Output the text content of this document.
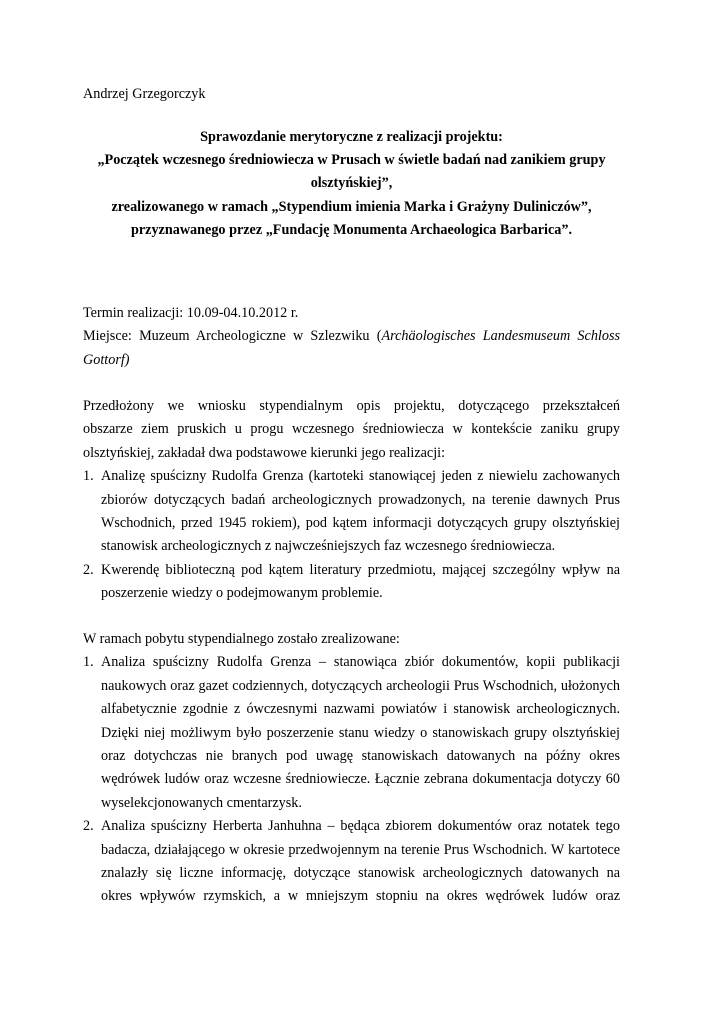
Andrzej Grzegorczyk
Sprawozdanie merytoryczne z realizacji projektu:
„Początek wczesnego średniowiecza w Prusach w świetle badań nad zanikiem grupy
olsztyńskiej”,
zrealizowanego w ramach „Stypendium imienia Marka i Grażyny Duliniczów”,
przyznawanego przez „Fundację Monumenta Archaeologica Barbarica”.
Termin realizacji: 10.09-04.10.2012 r.
Miejsce: Muzeum Archeologiczne w Szlezwiku (Archäologisches Landesmuseum Schloss
Gottorf)
Przedłożony we wniosku stypendialnym opis projektu, dotyczącego przekształceń
obszarze ziem pruskich u progu wczesnego średniowiecza w kontekście zaniku grupy
olsztyńskiej, zakładał dwa podstawowe kierunki jego realizacji:
1. Analizę spuścizny Rudolfa Grenza (kartoteki stanowiącej jeden z niewielu zachowanych
zbiorów dotyczących badań archeologicznych prowadzonych, na terenie dawnych Prus
Wschodnich, przed 1945 rokiem), pod kątem informacji dotyczących grupy olsztyńskiej
stanowisk archeologicznych z najwcześniejszych faz wczesnego średniowiecza.
2. Kwerendę biblioteczną pod kątem literatury przedmiotu, mającej szczególny wpływ na
poszerzenie wiedzy o podejmowanym problemie.
W ramach pobytu stypendialnego zostało zrealizowane:
1. Analiza spuścizny Rudolfa Grenza – stanowiąca zbiór dokumentów, kopii publikacji
naukowych oraz gazet codziennych, dotyczących archeologii Prus Wschodnich, ułożonych
alfabetycznie zgodnie z ówczesnymi nazwami powiatów i stanowisk archeologicznych.
Dzięki niej możliwym było poszerzenie stanu wiedzy o stanowiskach grupy olsztyńskiej
oraz dotychczas nie branych pod uwagę stanowiskach datowanych na późny okres
wędrówek ludów oraz wczesne średniowiecze. Łącznie zebrana dokumentacja dotyczy 60
wyselekcjonowanych cmentarzysk.
2. Analiza spuścizny Herberta Janhuhna – będąca zbiorem dokumentów oraz notatek tego
badacza, działającego w okresie przedwojennym na terenie Prus Wschodnich. W kartotece
znalazły się liczne informację, dotyczące stanowisk archeologicznych datowanych na
okres wpływów rzymskich, a w mniejszym stopniu na okres wędrówek ludów oraz
